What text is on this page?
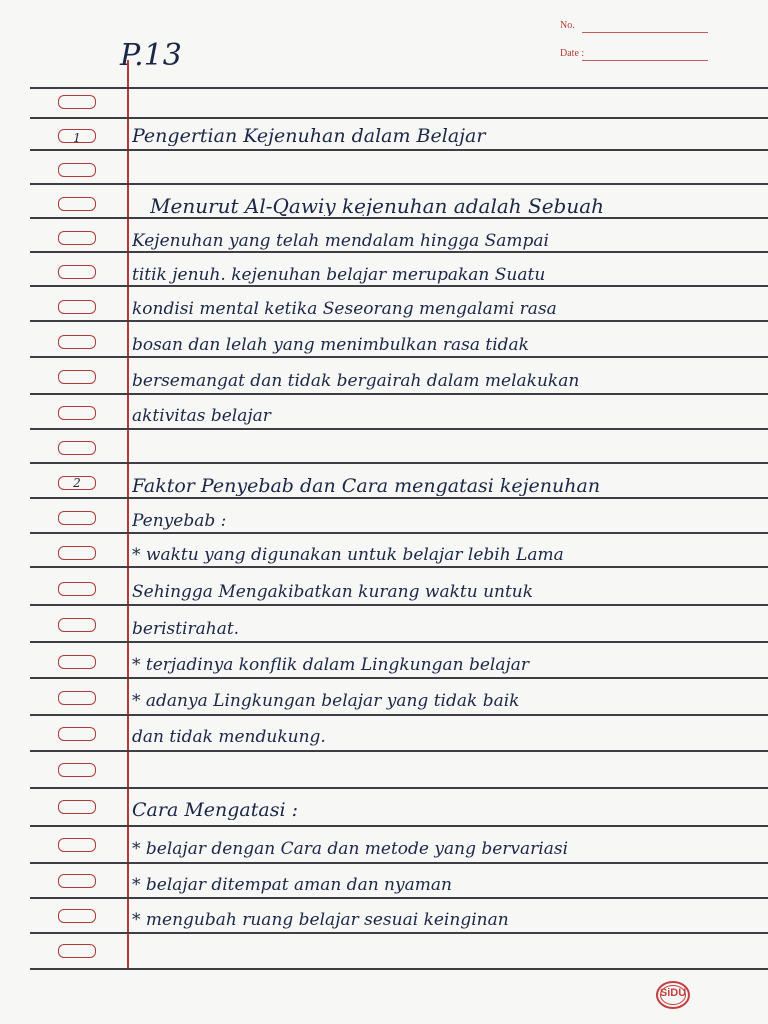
No.
Date :
P.13
1
2
Pengertian Kejenuhan dalam Belajar
Menurut Al-Qawiy kejenuhan adalah Sebuah
Kejenuhan yang telah mendalam hingga Sampai
titik jenuh. kejenuhan belajar merupakan Suatu
kondisi mental ketika Seseorang mengalami rasa
bosan dan lelah yang menimbulkan rasa tidak
bersemangat dan tidak bergairah dalam melakukan
aktivitas belajar
Faktor Penyebab dan Cara mengatasi kejenuhan
Penyebab :
* waktu yang digunakan untuk belajar lebih Lama
Sehingga Mengakibatkan kurang waktu untuk
beristirahat.
* terjadinya konflik dalam Lingkungan belajar
* adanya Lingkungan belajar yang tidak baik
dan tidak mendukung.
Cara Mengatasi :
* belajar dengan Cara dan metode yang bervariasi
* belajar ditempat aman dan nyaman
* mengubah ruang belajar sesuai keinginan
SiDU
